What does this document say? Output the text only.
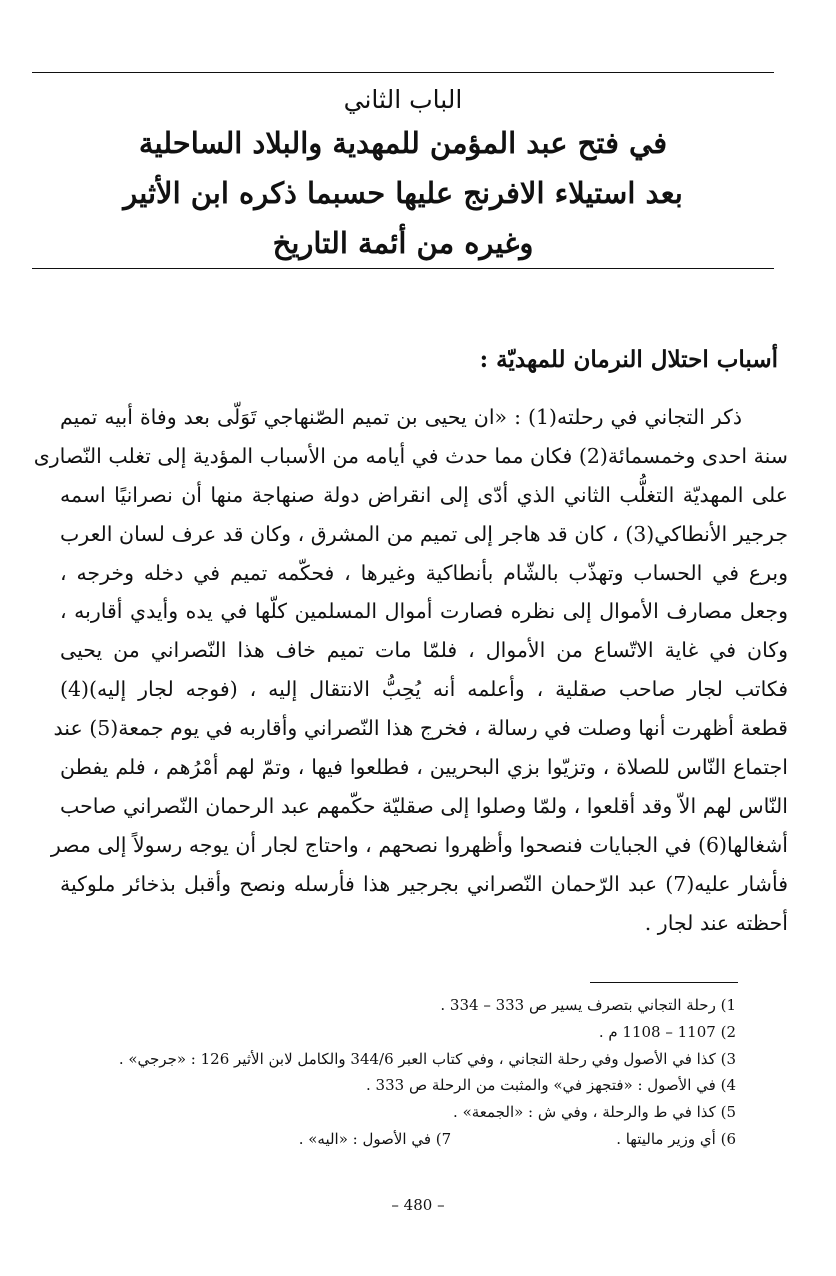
الباب الثاني

في فتح عبد المؤمن للمهدية والبلاد الساحلية

بعد استيلاء الافرنج عليها حسبما ذكره ابن الأثير

وغيره من أئمة التاريخ

أسباب احتلال النرمان للمهديّة :

ذكر التجاني في رحلته(1) : «ان يحيى بن تميم الصّنهاجي تَوَلّى بعد وفاة أبيه تميم
سنة احدى وخمسمائة(2) فكان مما حدث في أيامه من الأسباب المؤدية إلى تغلب النّصارى
على المهديّة التغلُّب الثاني الذي أدّى إلى انقراض دولة صنهاجة منها أن نصرانيًا اسمه
جرجير الأنطاكي(3) ، كان قد هاجر إلى تميم من المشرق ، وكان قد عرف لسان العرب
وبرع في الحساب وتهذّب بالشّام بأنطاكية وغيرها ، فحكّمه تميم في دخله وخرجه ،
وجعل مصارف الأموال إلى نظره فصارت أموال المسلمين كلّها في يده وأيدي أقاربه ،
وكان في غاية الاتّساع من الأموال ، فلمّا مات تميم خاف هذا النّصراني من يحيى
فكاتب لجار صاحب صقلية ، وأعلمه أنه يُحِبُّ الانتقال إليه ، (فوجه لجار إليه)(4)
قطعة أظهرت أنها وصلت في رسالة ، فخرج هذا النّصراني وأقاربه في يوم جمعة(5) عند
اجتماع النّاس للصلاة ، وتزيّوا بزي البحريين ، فطلعوا فيها ، وتمّ لهم أمْرُهم ، فلم يفطن
النّاس لهم الاّ وقد أقلعوا ، ولمّا وصلوا إلى صقليّة حكّمهم عبد الرحمان النّصراني صاحب
أشغالها(6) في الجبايات فنصحوا وأظهروا نصحهم ، واحتاج لجار أن يوجه رسولاً إلى مصر
فأشار عليه(7) عبد الرّحمان النّصراني بجرجير هذا فأرسله ونصح وأقبل بذخائر ملوكية
أحظته عند لجار .
1) رحلة التجاني بتصرف يسير ص 333 – 334 .
2) 1107 – 1108 م .
3) كذا في الأصول وفي رحلة التجاني ، وفي كتاب العبر 344/6 والكامل لابن الأثير 126 : «جرجي» .
4) في الأصول : «فتجهز في» والمثبت من الرحلة ص 333 .
5) كذا في ط والرحلة ، وفي ش : «الجمعة» .
6) أي وزير ماليتها . 7) في الأصول : «اليه» .

– 480 –
